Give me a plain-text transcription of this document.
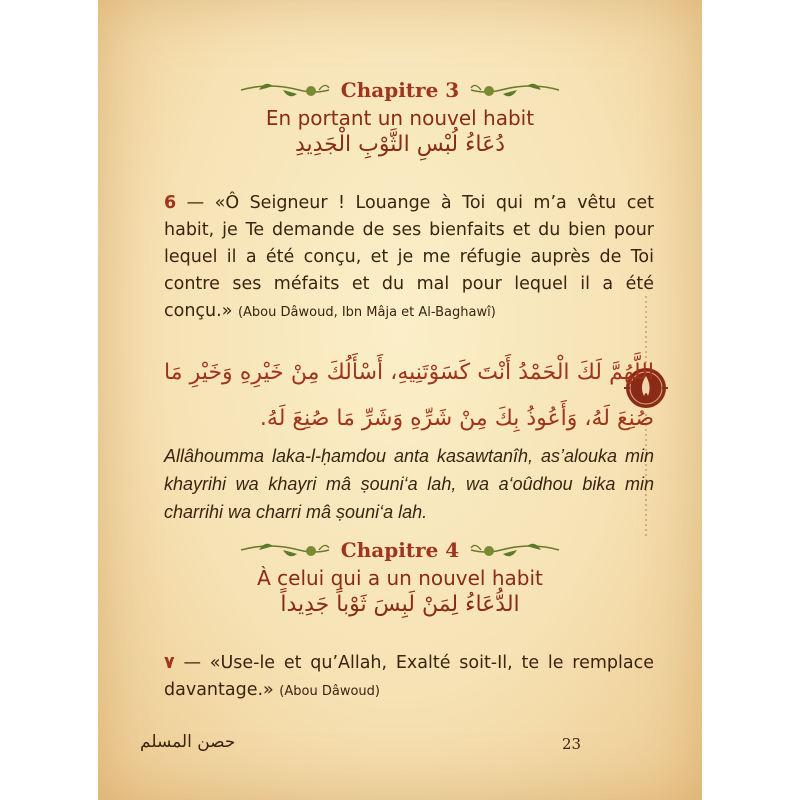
Chapitre 3
En portant un nouvel habit
دُعَاءُ لُبْسِ الثَّوْبِ الْجَدِيدِ
6 — «Ô Seigneur ! Louange à Toi qui m’a vêtu cet habit, je Te demande de ses bienfaits et du bien pour lequel il a été conçu, et je me réfugie auprès de Toi contre ses méfaits et du mal pour lequel il a été conçu.» (Abou Dâwoud, Ibn Mâja et Al-Baghawî)
اللَّهُمَّ لَكَ الْحَمْدُ أَنْتَ كَسَوْتَنِيهِ، أَسْأَلُكَ مِنْ خَيْرِهِ وَخَيْرِ مَا صُنِعَ لَهُ، وَأَعُوذُ بِكَ مِنْ شَرِّهِ وَشَرِّ مَا صُنِعَ لَهُ.
Allâhoumma laka-l-ḥamdou anta kasawtanîh, as’alouka min khayrihi wa khayri mâ ṣouni‘a lah, wa a‘oûdhou bika min charrihi wa charri mâ ṣouni‘a lah.
Chapitre 4
À celui qui a un nouvel habit
الدُّعَاءُ لِمَنْ لَبِسَ ثَوْباً جَدِيداً
٧ — «Use-le et qu’Allah, Exalté soit-Il, te le remplace davantage.» (Abou Dâwoud)
حصن المسلم	23
